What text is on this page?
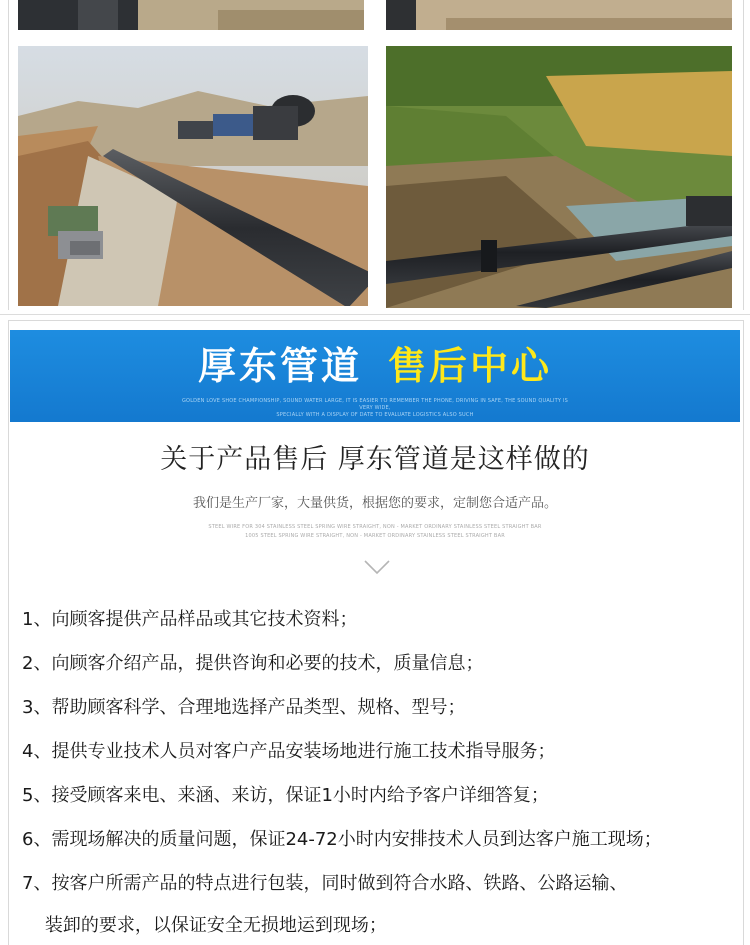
厚东管道 售后中心
GOLDEN LOVE SHOE CHAMPIONSHIP, SOUND WATER LARGE, IT IS EASIER TO REMEMBER THE PHONE, DRIVING IN SAFE, THE SOUND QUALITY IS VERY WIDE,
SPECIALLY WITH A DISPLAY OF DATE TO EVALUATE LOGISTICS ALSO SUCH
关于产品售后 厚东管道是这样做的
我们是生产厂家，大量供货，根据您的要求，定制您合适产品。
STEEL WIRE FOR 304 STAINLESS STEEL SPRING WIRE STRAIGHT, NON - MARKET ORDINARY STAINLESS STEEL STRAIGHT BAR
1005 STEEL SPRING WIRE STRAIGHT, NON - MARKET ORDINARY STAINLESS STEEL STRAIGHT BAR
1、向顾客提供产品样品或其它技术资料；
2、向顾客介绍产品，提供咨询和必要的技术，质量信息；
3、帮助顾客科学、合理地选择产品类型、规格、型号；
4、提供专业技术人员对客户产品安装场地进行施工技术指导服务；
5、接受顾客来电、来涵、来访，保证1小时内给予客户详细答复；
6、需现场解决的质量问题，保证24-72小时内安排技术人员到达客户施工现场；
7、按客户所需产品的特点进行包装，同时做到符合水路、铁路、公路运输、
装卸的要求，以保证安全无损地运到现场；
